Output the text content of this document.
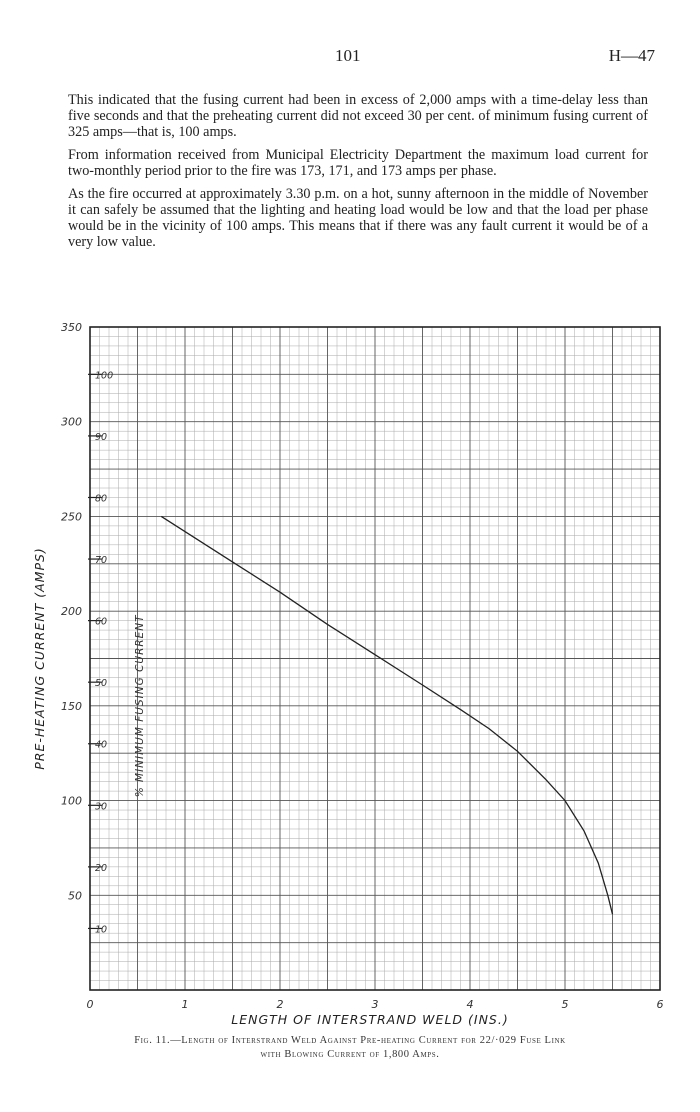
101	H—47

This indicated that the fusing current had been in excess of 2,000 amps with a time-delay less than five seconds and that the preheating current did not exceed 30 per cent. of minimum fusing current of 325 amps—that is, 100 amps.

From information received from Municipal Electricity Department the maximum load current for two-monthly period prior to the fire was 173, 171, and 173 amps per phase.

As the fire occurred at approximately 3.30 p.m. on a hot, sunny afternoon in the middle of November it can safely be assumed that the lighting and heating load would be low and that the load per phase would be in the vicinity of 100 amps. This means that if there was any fault current it would be of a very low value.

10
20
30
40
50
60
70
80
90
100
50
100
150
200
250
300
350
0	1	2	3	4	5	6
PRE-HEATING CURRENT (AMPS)
LENGTH OF INTERSTRAND WELD (INS.)
% MINIMUM FUSING CURRENT
Fig. 11.—Length of Interstrand Weld Against Pre-heating Current for 22/·029 Fuse Link
with Blowing Current of 1,800 Amps.
